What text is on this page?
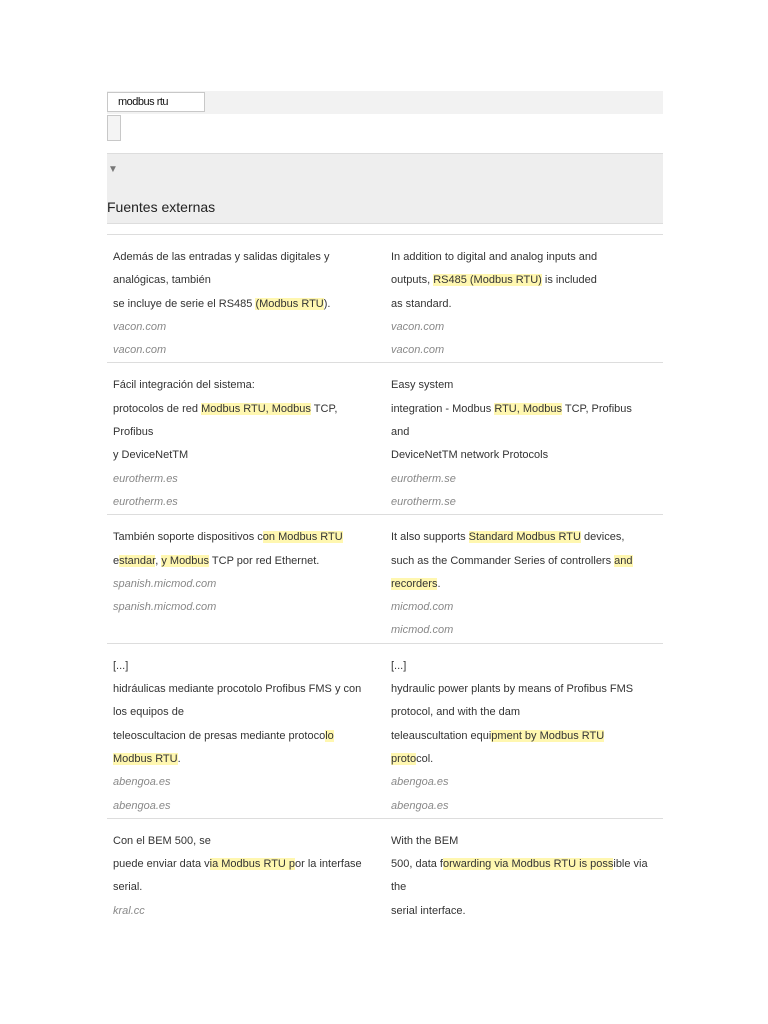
modbus rtu
▼
Fuentes externas
Además de las entradas y salidas digitales y
analógicas, también
se incluye de serie el RS485 (Modbus RTU).
vacon.com
vacon.com
In addition to digital and analog inputs and
outputs, RS485 (Modbus RTU) is included
as standard.
vacon.com
vacon.com
Fácil integración del sistema:
protocolos de red Modbus RTU, Modbus TCP,
Profibus
y DeviceNetTM
eurotherm.es
eurotherm.es
Easy system
integration - Modbus RTU, Modbus TCP, Profibus
and
DeviceNetTM network Protocols
eurotherm.se
eurotherm.se
También soporte dispositivos con Modbus RTU
estandar, y Modbus TCP por red Ethernet.
spanish.micmod.com
spanish.micmod.com
It also supports Standard Modbus RTU devices,
such as the Commander Series of controllers and
recorders.
micmod.com
micmod.com
[...]
hidráulicas mediante procotolo Profibus FMS y con
los equipos de
teleoscultacion de presas mediante protocolo
Modbus RTU.
abengoa.es
abengoa.es
[...]
hydraulic power plants by means of Profibus FMS
protocol, and with the dam
teleauscultation equipment by Modbus RTU
protocol.
abengoa.es
abengoa.es
Con el BEM 500, se
puede enviar data via Modbus RTU por la interfase
serial.
kral.cc
With the BEM
500, data forwarding via Modbus RTU is possible via
the
serial interface.
